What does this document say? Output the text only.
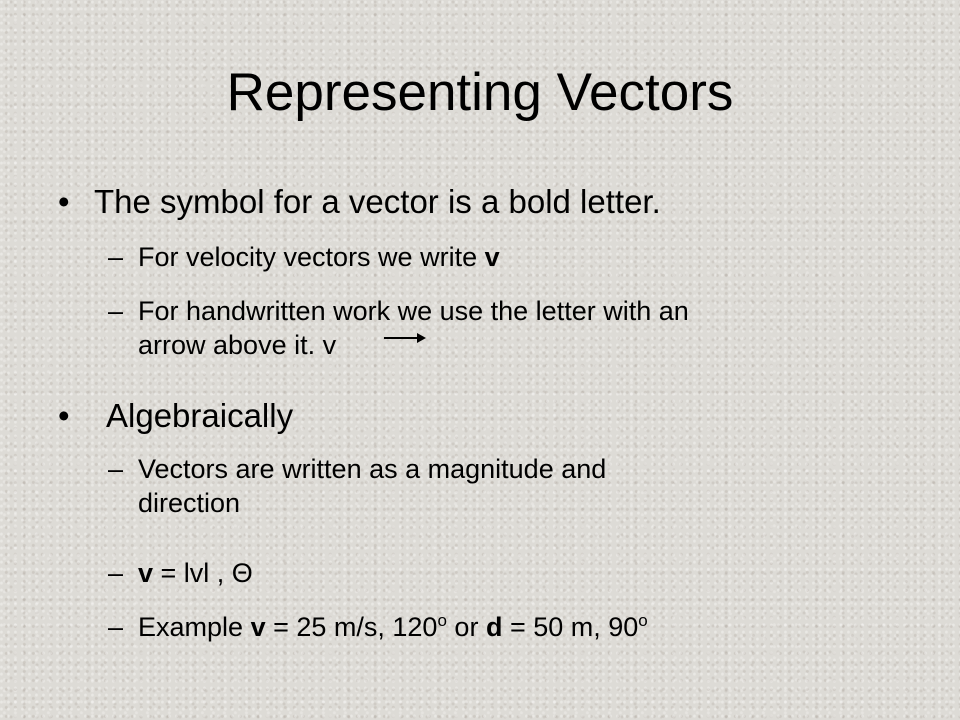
Representing Vectors
• The symbol for a vector is a bold letter.
– For velocity vectors we write v
– For handwritten work we use the letter with an
arrow above it. v
• Algebraically
– Vectors are written as a magnitude and
direction
– v = lvl , Θ
– Example v = 25 m/s, 120$^o$ or d = 50 m, 90$^o$
